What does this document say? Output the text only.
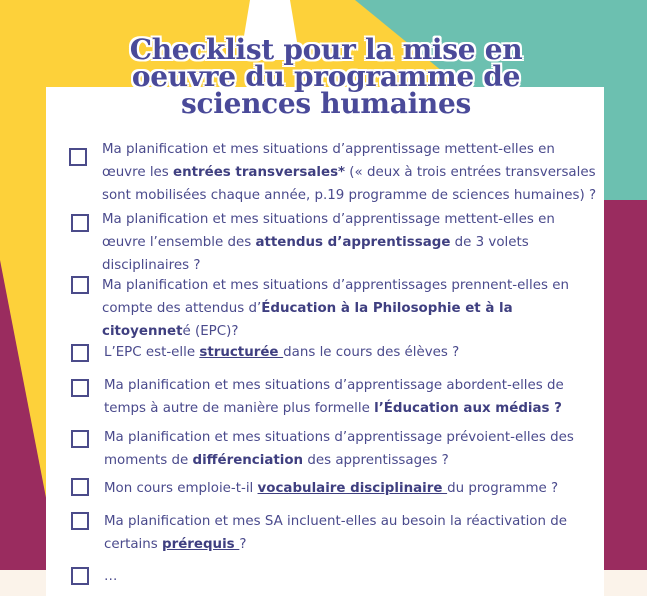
Checklist pour la mise en
oeuvre du programme de
sciences humaines
Ma planification et mes situations d’apprentissage mettent-elles en œuvre les entrées transversales* (« deux à trois entrées transversales sont mobilisées chaque année, p.19 programme de sciences humaines) ?
Ma planification et mes situations d’apprentissage mettent-elles en œuvre l’ensemble des attendus d’apprentissage de 3 volets disciplinaires ?
Ma planification et mes situations d’apprentissages prennent-elles en compte des attendus d’Éducation à la Philosophie et à la citoyenneté (EPC)?
L’EPC est-elle structurée dans le cours des élèves ?
Ma planification et mes situations d’apprentissage abordent-elles de temps à autre de manière plus formelle l’Éducation aux médias ?
Ma planification et mes situations d’apprentissage prévoient-elles des moments de différenciation des apprentissages ?
Mon cours emploie-t-il vocabulaire disciplinaire du programme ?
Ma planification et mes SA incluent-elles au besoin la réactivation de certains prérequis ?
…
